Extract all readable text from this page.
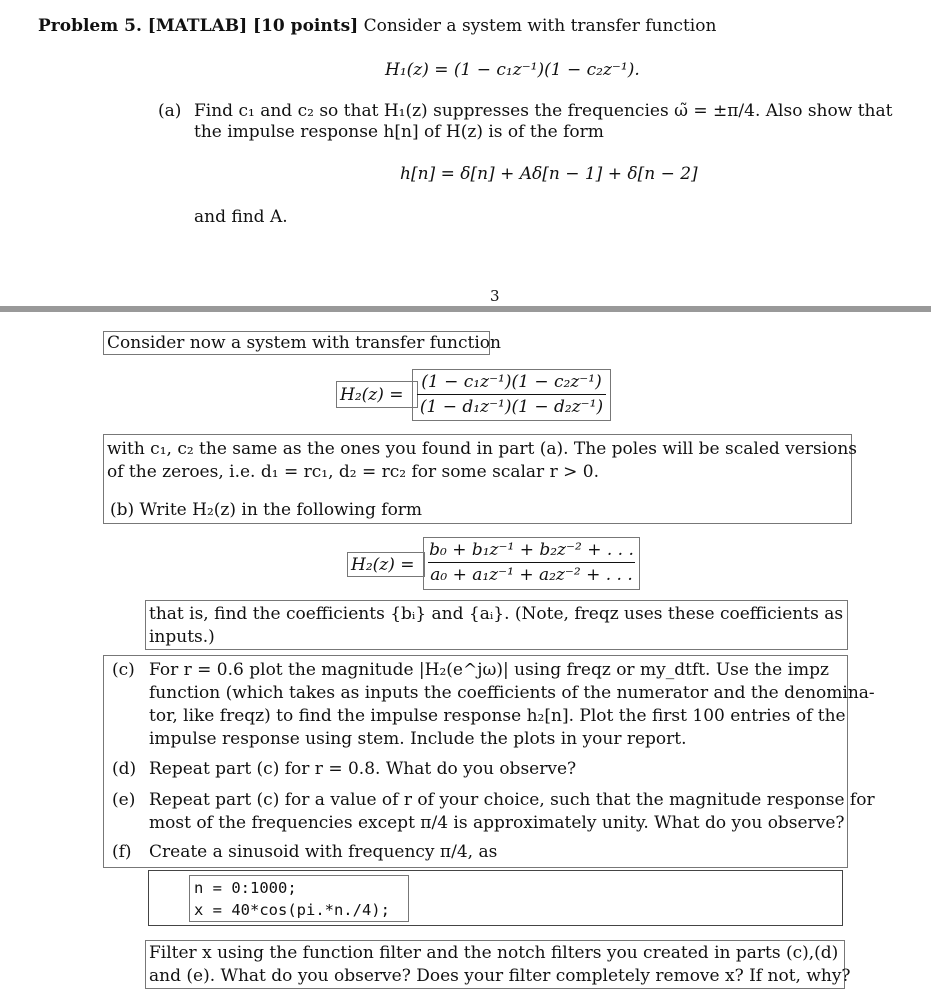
Problem 5. [MATLAB] [10 points] Consider a system with transfer function
H₁(z) = (1 − c₁z⁻¹)(1 − c₂z⁻¹).
(a) Find c₁ and c₂ so that H₁(z) suppresses the frequencies ω̃ = ±π/4. Also show that
the impulse response h[n] of H(z) is of the form
h[n] = δ[n] + Aδ[n − 1] + δ[n − 2]
and find A.
3
Consider now a system with transfer function
H₂(z) =
(1 − c₁z⁻¹)(1 − c₂z⁻¹)
(1 − d₁z⁻¹)(1 − d₂z⁻¹)
with c₁, c₂ the same as the ones you found in part (a). The poles will be scaled versions
of the zeroes, i.e. d₁ = rc₁, d₂ = rc₂ for some scalar r > 0.
(b) Write H₂(z) in the following form
H₂(z) =
b₀ + b₁z⁻¹ + b₂z⁻² + . . .
a₀ + a₁z⁻¹ + a₂z⁻² + . . .
that is, find the coefficients {bᵢ} and {aᵢ}. (Note, freqz uses these coefficients as
inputs.)
(c) For r = 0.6 plot the magnitude |H₂(e^jω)| using freqz or my_dtft. Use the impz
function (which takes as inputs the coefficients of the numerator and the denomina-
tor, like freqz) to find the impulse response h₂[n]. Plot the first 100 entries of the
impulse response using stem. Include the plots in your report.
(d) Repeat part (c) for r = 0.8. What do you observe?
(e) Repeat part (c) for a value of r of your choice, such that the magnitude response for
most of the frequencies except π/4 is approximately unity. What do you observe?
(f) Create a sinusoid with frequency π/4, as
n = 0:1000;
x = 40*cos(pi.*n./4);
Filter x using the function filter and the notch filters you created in parts (c),(d)
and (e). What do you observe? Does your filter completely remove x? If not, why?
